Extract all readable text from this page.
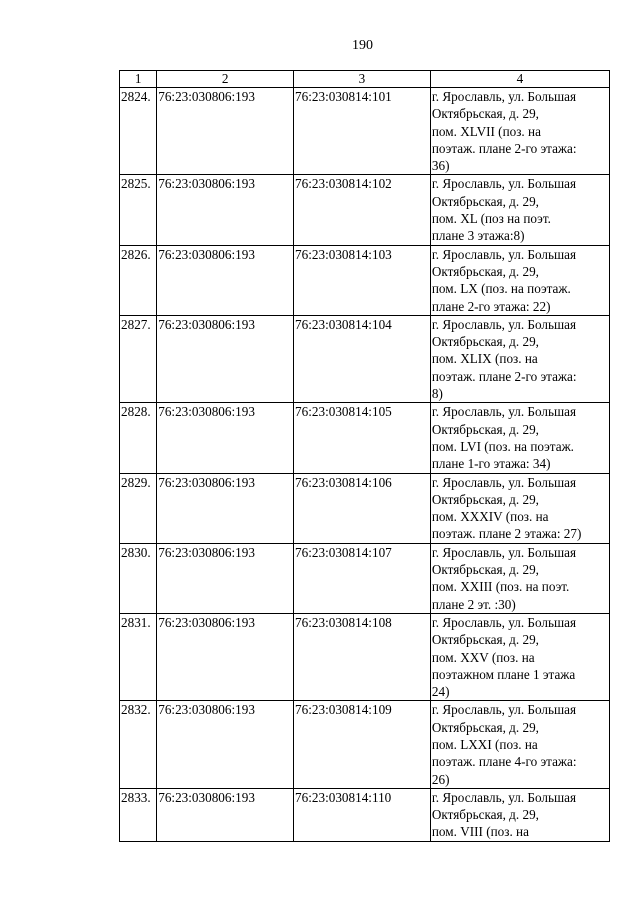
190
1	2	3	4
2824.	76:23:030806:193	76:23:030814:101	г. Ярославль, ул. Большая
Октябрьская, д. 29,
пом. XLVII (поз. на
поэтаж. плане 2-го этажа:
36)

2825.	76:23:030806:193	76:23:030814:102	г. Ярославль, ул. Большая
Октябрьская, д. 29,
пом. XL (поз на поэт.
плане 3 этажа:8)

2826.	76:23:030806:193	76:23:030814:103	г. Ярославль, ул. Большая
Октябрьская, д. 29,
пом. LX (поз. на поэтаж.
плане 2-го этажа: 22)

2827.	76:23:030806:193	76:23:030814:104	г. Ярославль, ул. Большая
Октябрьская, д. 29,
пом. XLIX (поз. на
поэтаж. плане 2-го этажа:
8)

2828.	76:23:030806:193	76:23:030814:105	г. Ярославль, ул. Большая
Октябрьская, д. 29,
пом. LVI (поз. на поэтаж.
плане 1-го этажа: 34)

2829.	76:23:030806:193	76:23:030814:106	г. Ярославль, ул. Большая
Октябрьская, д. 29,
пом. XXXIV (поз. на
поэтаж. плане 2 этажа: 27)

2830.	76:23:030806:193	76:23:030814:107	г. Ярославль, ул. Большая
Октябрьская, д. 29,
пом. XXIII (поз. на поэт.
плане 2 эт. :30)

2831.	76:23:030806:193	76:23:030814:108	г. Ярославль, ул. Большая
Октябрьская, д. 29,
пом. XXV (поз. на
поэтажном плане 1 этажа
24)

2832.	76:23:030806:193	76:23:030814:109	г. Ярославль, ул. Большая
Октябрьская, д. 29,
пом. LXXI (поз. на
поэтаж. плане 4-го этажа:
26)

2833.	76:23:030806:193	76:23:030814:110	г. Ярославль, ул. Большая
Октябрьская, д. 29,
пом. VIII (поз. на
